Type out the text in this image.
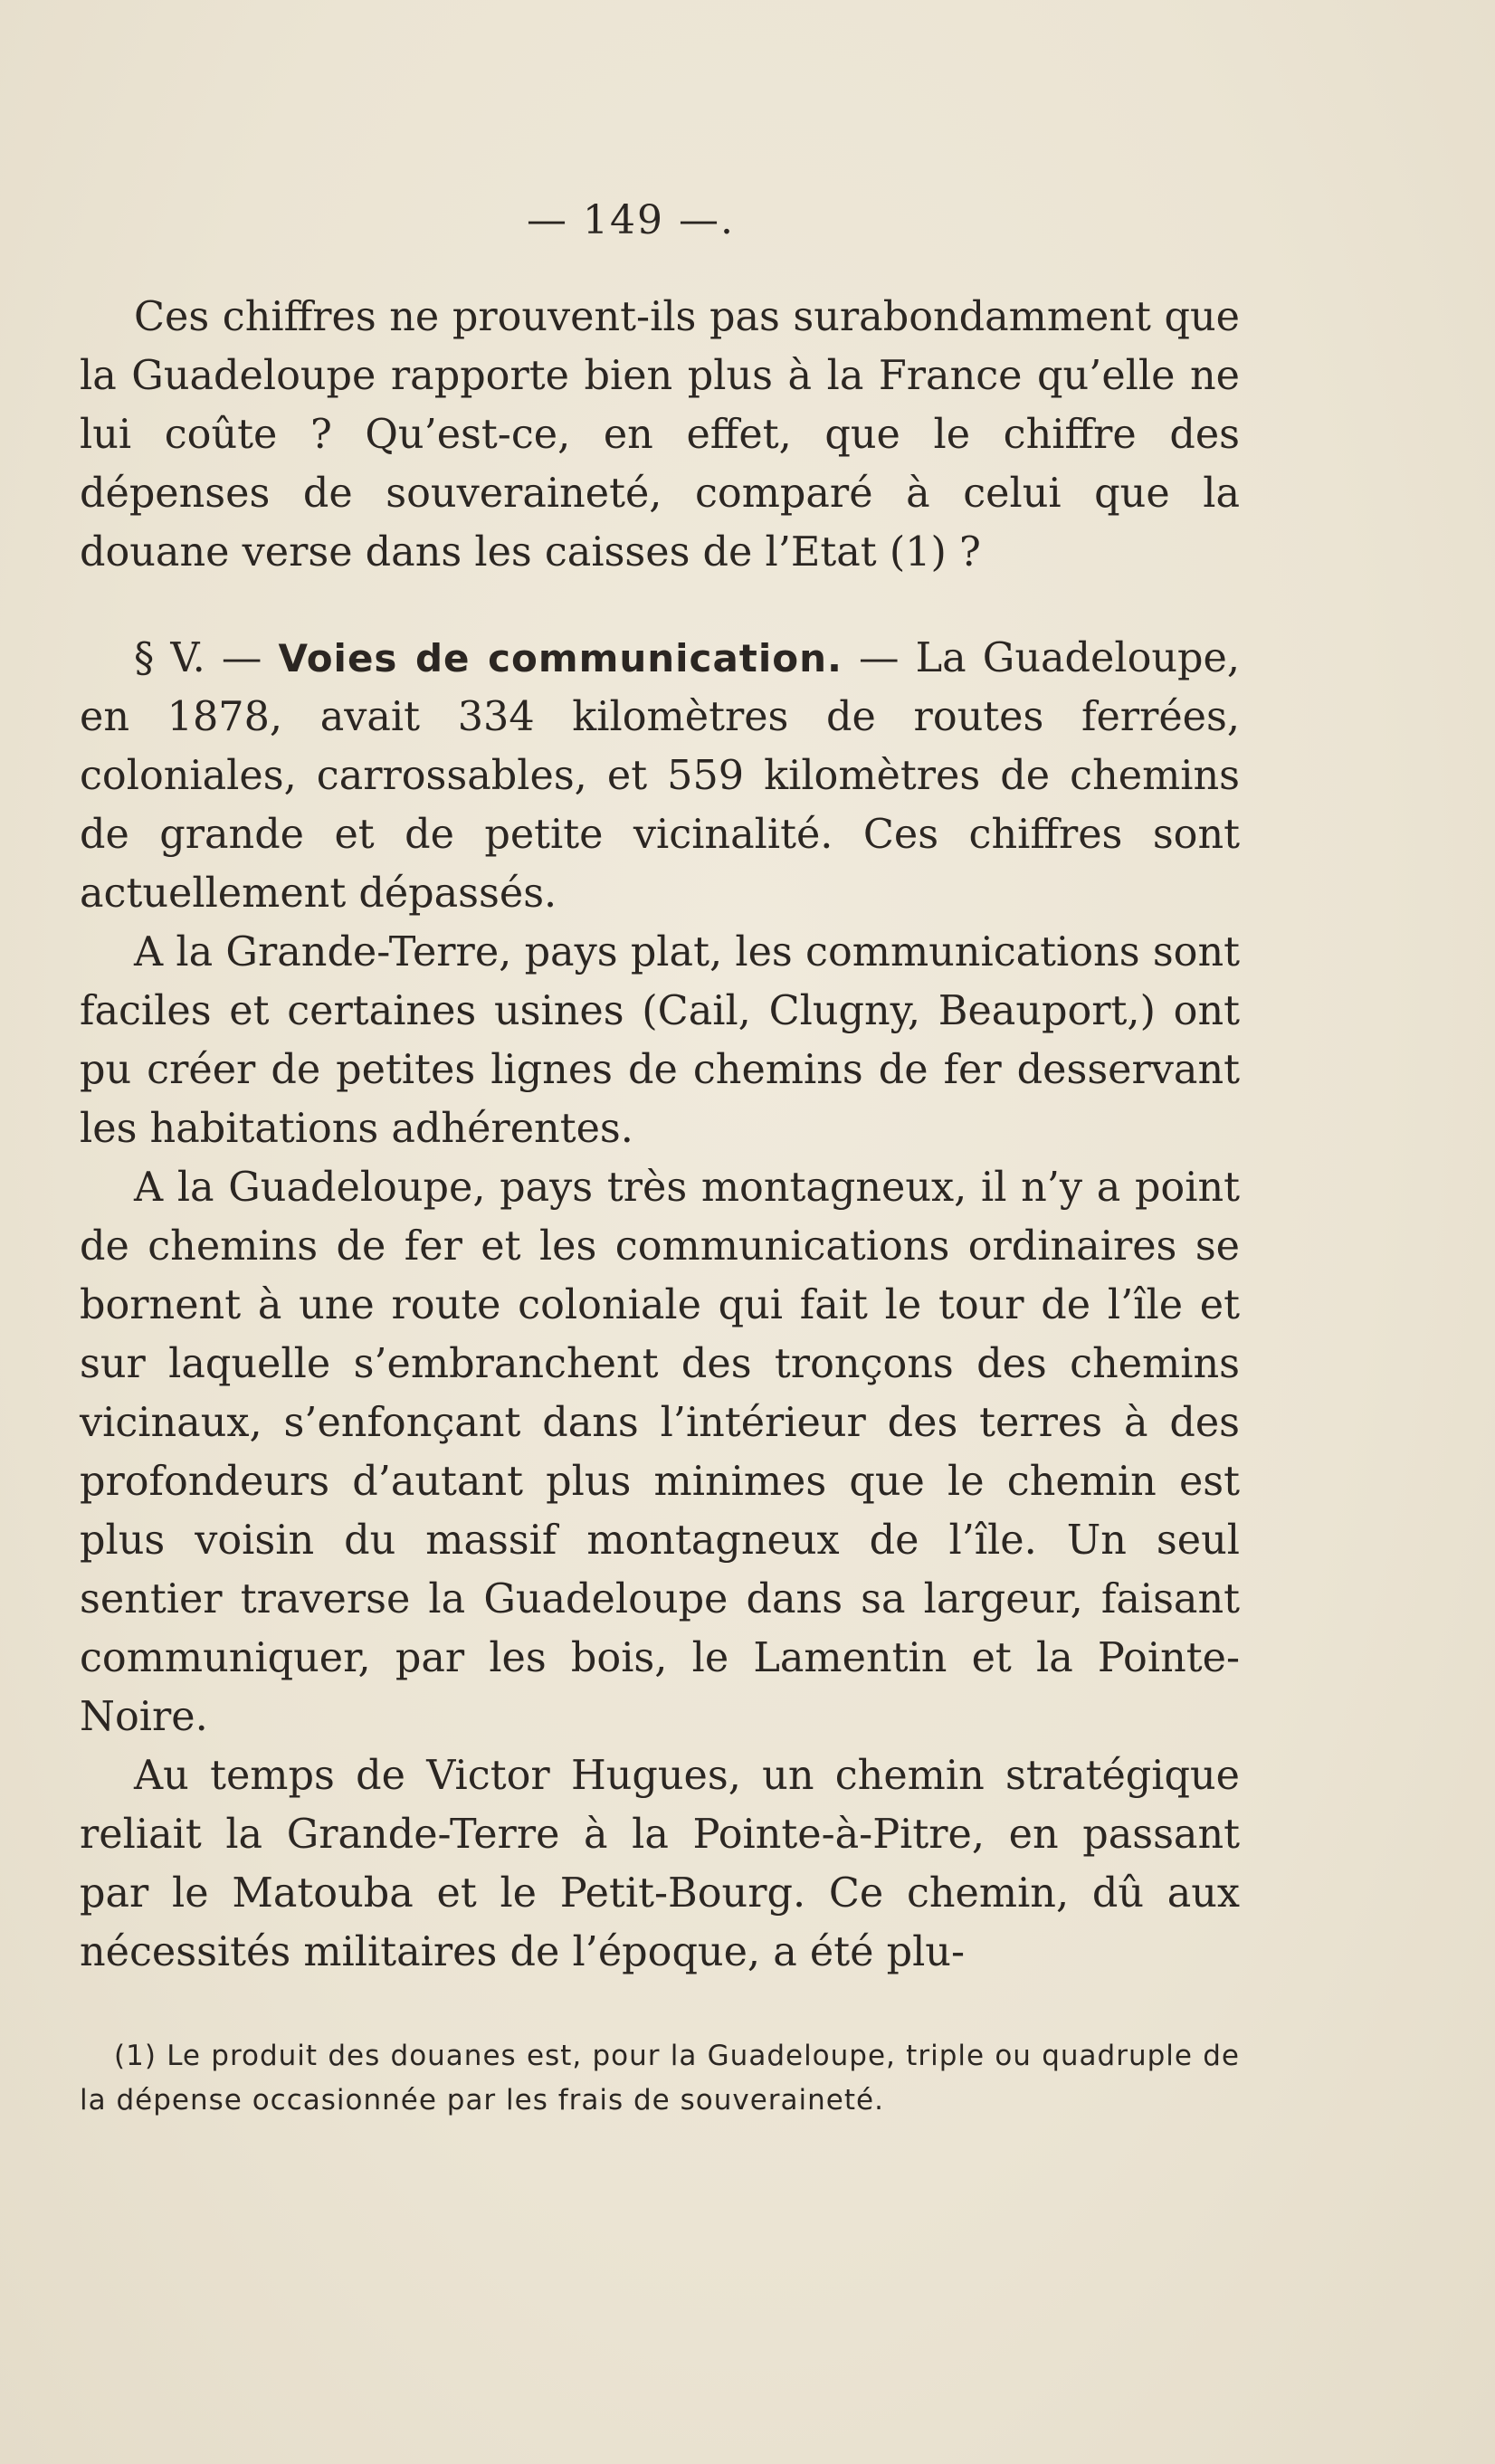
— 149 —.

Ces chiffres ne prouvent-ils pas surabondamment que la Guadeloupe rapporte bien plus à la France qu’elle ne lui coûte ? Qu’est-ce, en effet, que le chiffre des dépenses de souveraineté, comparé à celui que la douane verse dans les caisses de l’Etat (1) ?

§ V. — Voies de communication. — La Guadeloupe, en 1878, avait 334 kilomètres de routes ferrées, coloniales, carrossables, et 559 kilomètres de chemins de grande et de petite vicinalité. Ces chiffres sont actuellement dépassés.

A la Grande-Terre, pays plat, les communications sont faciles et certaines usines (Cail, Clugny, Beauport,) ont pu créer de petites lignes de chemins de fer desservant les habitations adhérentes.

A la Guadeloupe, pays très montagneux, il n’y a point de chemins de fer et les communications ordinaires se bornent à une route coloniale qui fait le tour de l’île et sur laquelle s’embranchent des tronçons des chemins vicinaux, s’enfonçant dans l’intérieur des terres à des profondeurs d’autant plus minimes que le chemin est plus voisin du massif montagneux de l’île. Un seul sentier traverse la Guadeloupe dans sa largeur, faisant communiquer, par les bois, le Lamentin et la Pointe-Noire.

Au temps de Victor Hugues, un chemin stratégique reliait la Grande-Terre à la Pointe-à-Pitre, en passant par le Matouba et le Petit-Bourg. Ce chemin, dû aux nécessités militaires de l’époque, a été plu-

(1) Le produit des douanes est, pour la Guadeloupe, triple ou quadruple de la dépense occasionnée par les frais de souveraineté.
